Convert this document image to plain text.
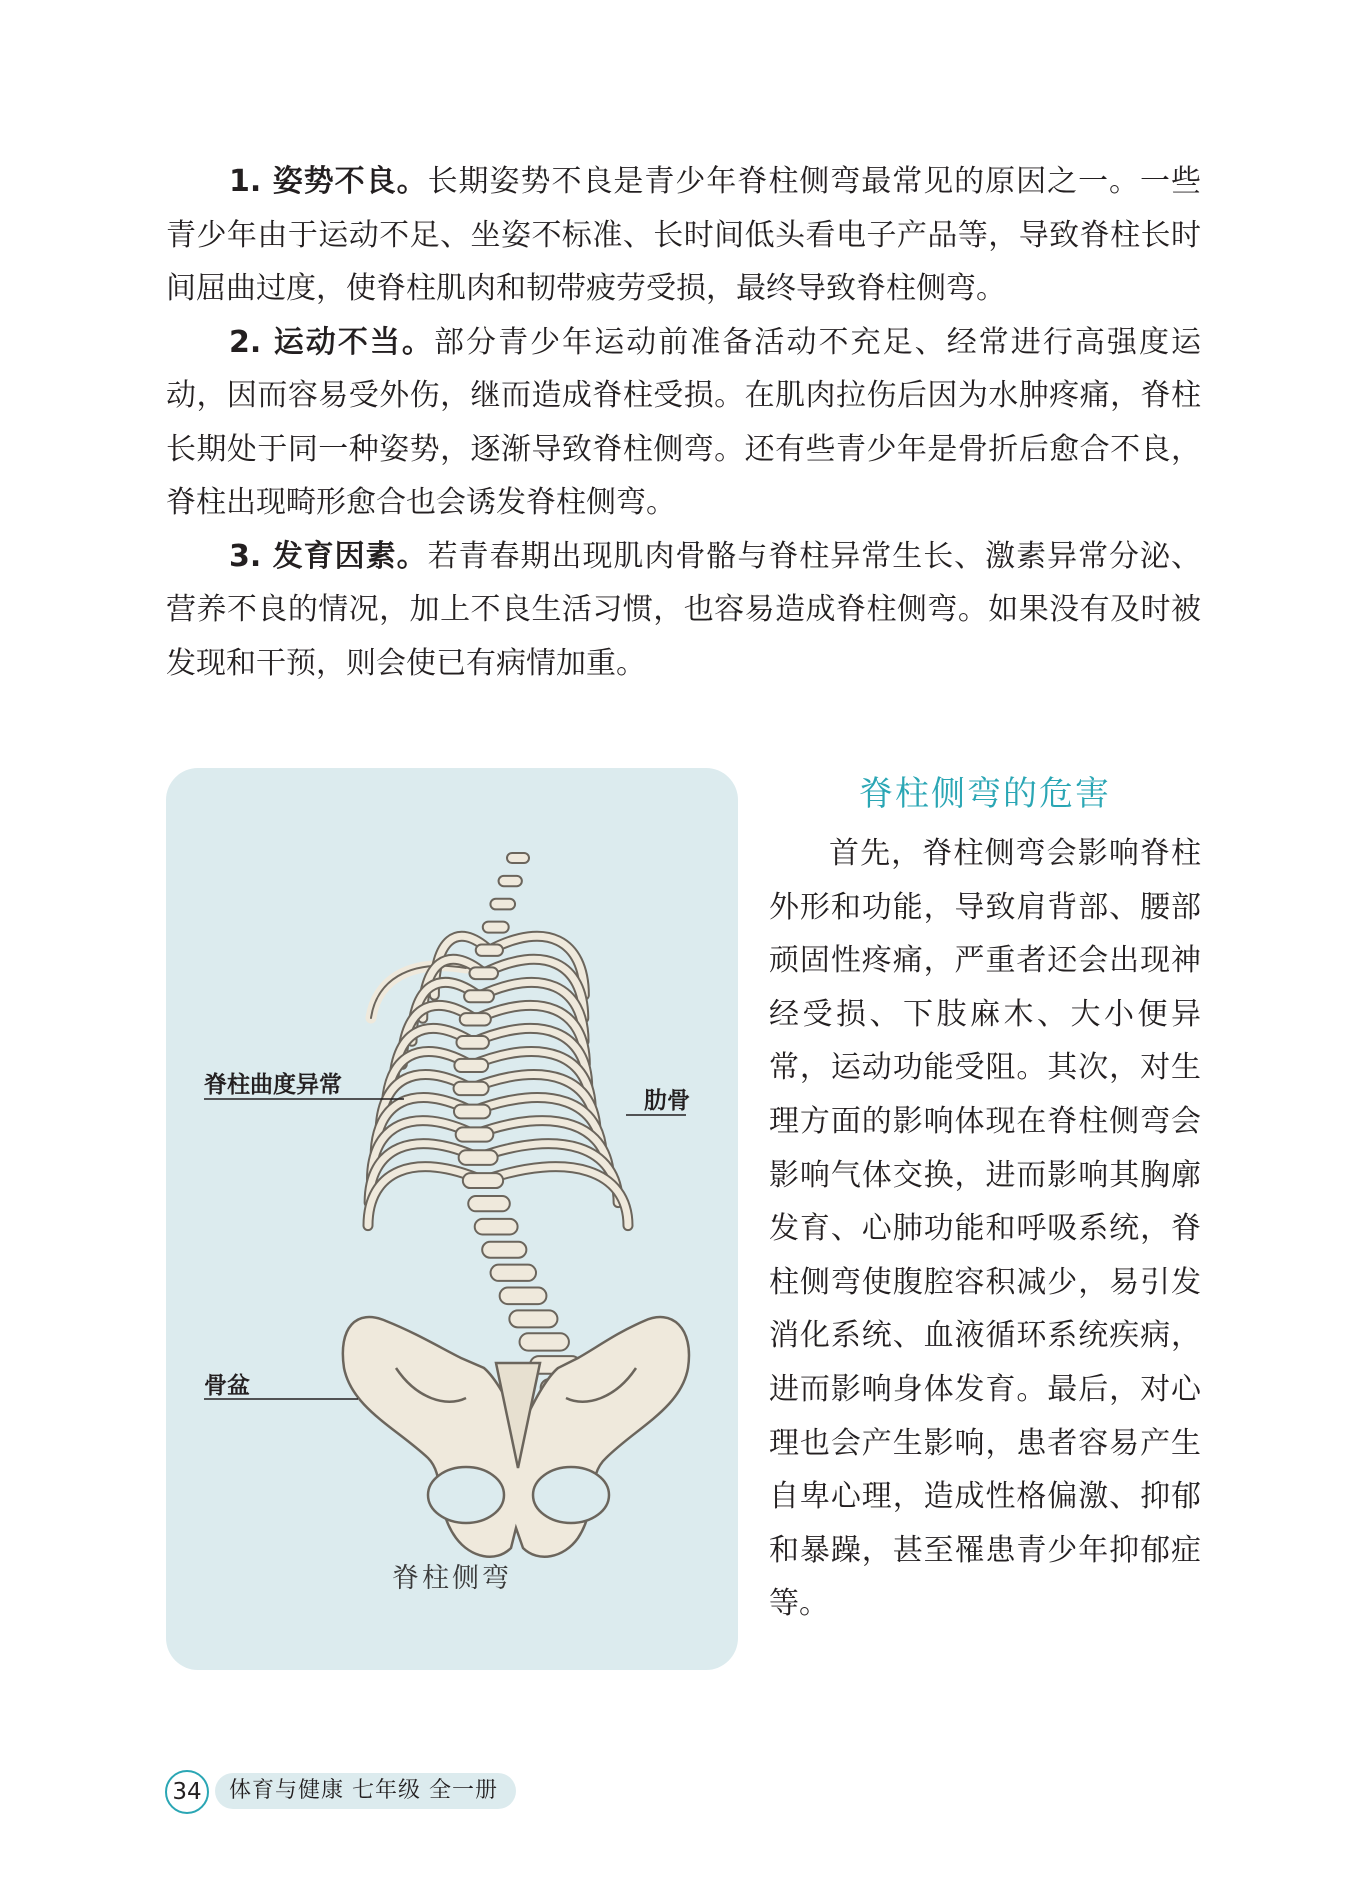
1. 姿势不良。长期姿势不良是青少年脊柱侧弯最常见的原因之一。一些青少年由于运动不足、坐姿不标准、长时间低头看电子产品等，导致脊柱长时间屈曲过度，使脊柱肌肉和韧带疲劳受损，最终导致脊柱侧弯。

2. 运动不当。部分青少年运动前准备活动不充足、经常进行高强度运动，因而容易受外伤，继而造成脊柱受损。在肌肉拉伤后因为水肿疼痛，脊柱长期处于同一种姿势，逐渐导致脊柱侧弯。还有些青少年是骨折后愈合不良，脊柱出现畸形愈合也会诱发脊柱侧弯。

3. 发育因素。若青春期出现肌肉骨骼与脊柱异常生长、激素异常分泌、营养不良的情况，加上不良生活习惯，也容易造成脊柱侧弯。如果没有及时被发现和干预，则会使已有病情加重。

脊柱曲度异常
肋骨
骨盆
脊柱侧弯
脊柱侧弯的危害

首先，脊柱侧弯会影响脊柱外形和功能，导致肩背部、腰部顽固性疼痛，严重者还会出现神经受损、下肢麻木、大小便异常，运动功能受阻。其次，对生理方面的影响体现在脊柱侧弯会影响气体交换，进而影响其胸廓发育、心肺功能和呼吸系统，脊柱侧弯使腹腔容积减少，易引发消化系统、血液循环系统疾病，进而影响身体发育。最后，对心理也会产生影响，患者容易产生自卑心理，造成性格偏激、抑郁和暴躁，甚至罹患青少年抑郁症等。

34	体育与健康 七年级 全一册
